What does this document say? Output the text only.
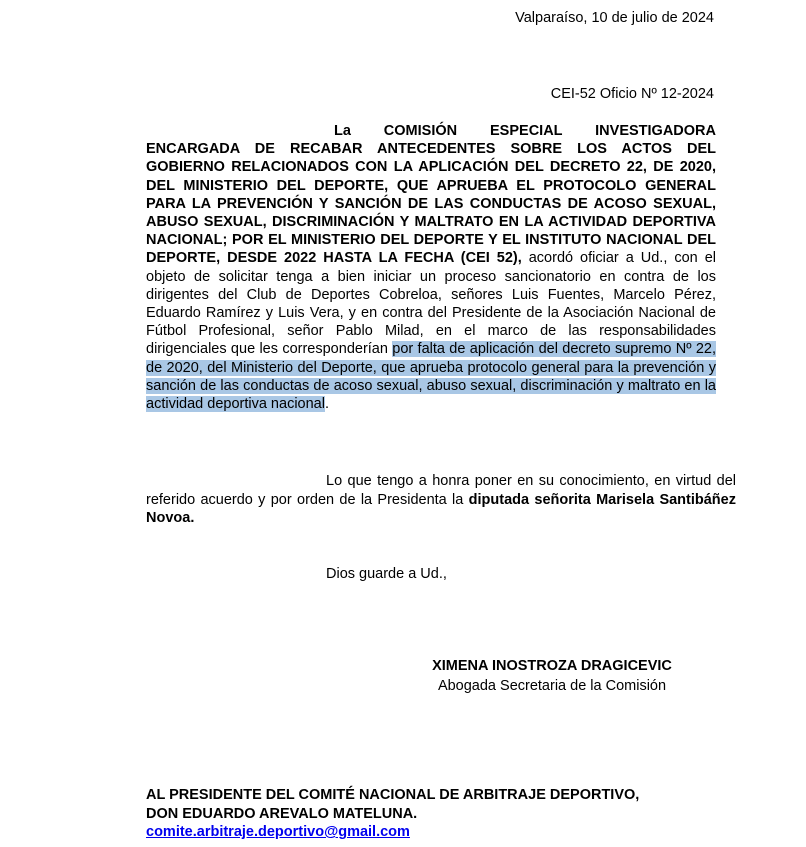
Valparaíso, 10 de julio de 2024
CEI-52 Oficio Nº 12-2024
La COMISIÓN ESPECIAL INVESTIGADORA ENCARGADA DE RECABAR ANTECEDENTES SOBRE LOS ACTOS DEL GOBIERNO RELACIONADOS CON LA APLICACIÓN DEL DECRETO 22, DE 2020, DEL MINISTERIO DEL DEPORTE, QUE APRUEBA EL PROTOCOLO GENERAL PARA LA PREVENCIÓN Y SANCIÓN DE LAS CONDUCTAS DE ACOSO SEXUAL, ABUSO SEXUAL, DISCRIMINACIÓN Y MALTRATO EN LA ACTIVIDAD DEPORTIVA NACIONAL; POR EL MINISTERIO DEL DEPORTE Y EL INSTITUTO NACIONAL DEL DEPORTE, DESDE 2022 HASTA LA FECHA (CEI 52), acordó oficiar a Ud., con el objeto de solicitar tenga a bien iniciar un proceso sancionatorio en contra de los dirigentes del Club de Deportes Cobreloa, señores Luis Fuentes, Marcelo Pérez, Eduardo Ramírez y Luis Vera, y en contra del Presidente de la Asociación Nacional de Fútbol Profesional, señor Pablo Milad, en el marco de las responsabilidades dirigenciales que les corresponderían por falta de aplicación del decreto supremo Nº 22, de 2020, del Ministerio del Deporte, que aprueba protocolo general para la prevención y sanción de las conductas de acoso sexual, abuso sexual, discriminación y maltrato en la actividad deportiva nacional.
Lo que tengo a honra poner en su conocimiento, en virtud del referido acuerdo y por orden de la Presidenta la diputada señorita Marisela Santibáñez Novoa.
Dios guarde a Ud.,
XIMENA INOSTROZA DRAGICEVIC
Abogada Secretaria de la Comisión
AL PRESIDENTE DEL COMITÉ NACIONAL DE ARBITRAJE DEPORTIVO,
DON EDUARDO AREVALO MATELUNA.
comite.arbitraje.deportivo@gmail.com
